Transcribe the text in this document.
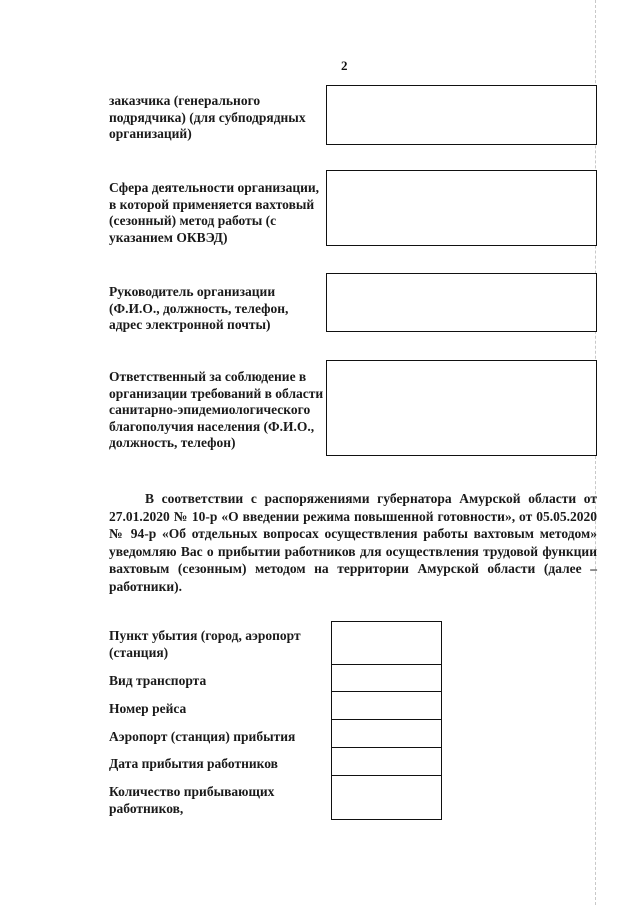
2
заказчика (генерального
подрядчика) (для субподрядных
организаций)
Сфера деятельности организации,
в которой применяется вахтовый
(сезонный) метод работы (с
указанием ОКВЭД)
Руководитель организации
(Ф.И.О., должность, телефон,
адрес электронной почты)
Ответственный за соблюдение в
организации требований в области
санитарно-эпидемиологического
благополучия населения (Ф.И.О.,
должность, телефон)
В соответствии с распоряжениями губернатора Амурской области от 27.01.2020 № 10-р «О введении режима повышенной готовности», от 05.05.2020 № 94-р «Об отдельных вопросах осуществления работы вахтовым методом» уведомляю Вас о прибытии работников для осуществления трудовой функции вахтовым (сезонным) методом на территории Амурской области (далее – работники).
Пункт убытия (город, аэропорт
(станция)
Вид транспорта
Номер рейса
Аэропорт (станция) прибытия
Дата прибытия работников
Количество прибывающих
работников,
